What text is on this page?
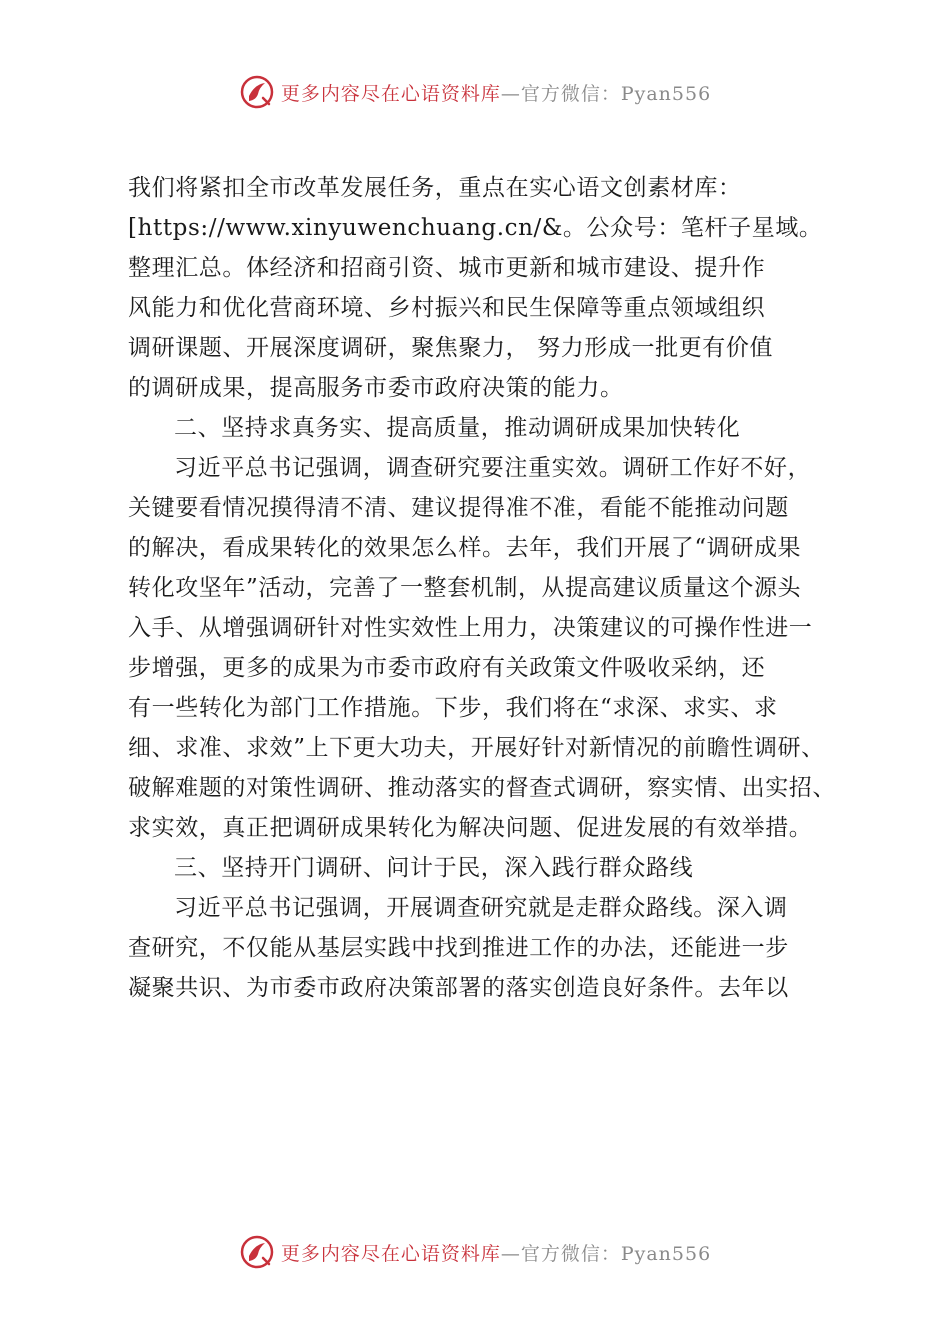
更多内容尽在心语资料库—官方微信：Pyan556
我们将紧扣全市改革发展任务，重点在实心语文创素材库：
[https://www.xinyuwenchuang.cn/&。公众号：笔杆子星域。
整理汇总。体经济和招商引资、城市更新和城市建设、提升作
风能力和优化营商环境、乡村振兴和民生保障等重点领域组织
调研课题、开展深度调研，聚焦聚力， 努力形成一批更有价值
的调研成果，提高服务市委市政府决策的能力。
二、坚持求真务实、提高质量，推动调研成果加快转化
习近平总书记强调，调查研究要注重实效。调研工作好不好，
关键要看情况摸得清不清、建议提得准不准，看能不能推动问题
的解决，看成果转化的效果怎么样。去年，我们开展了“调研成果
转化攻坚年”活动，完善了一整套机制，从提高建议质量这个源头
入手、从增强调研针对性实效性上用力，决策建议的可操作性进一
步增强，更多的成果为市委市政府有关政策文件吸收采纳，还
有一些转化为部门工作措施。下步，我们将在“求深、求实、求
细、求准、求效”上下更大功夫，开展好针对新情况的前瞻性调研、
破解难题的对策性调研、推动落实的督查式调研，察实情、出实招、
求实效，真正把调研成果转化为解决问题、促进发展的有效举措。
三、坚持开门调研、问计于民，深入践行群众路线
习近平总书记强调，开展调查研究就是走群众路线。深入调
查研究，不仅能从基层实践中找到推进工作的办法，还能进一步
凝聚共识、为市委市政府决策部署的落实创造良好条件。去年以
更多内容尽在心语资料库—官方微信：Pyan556
